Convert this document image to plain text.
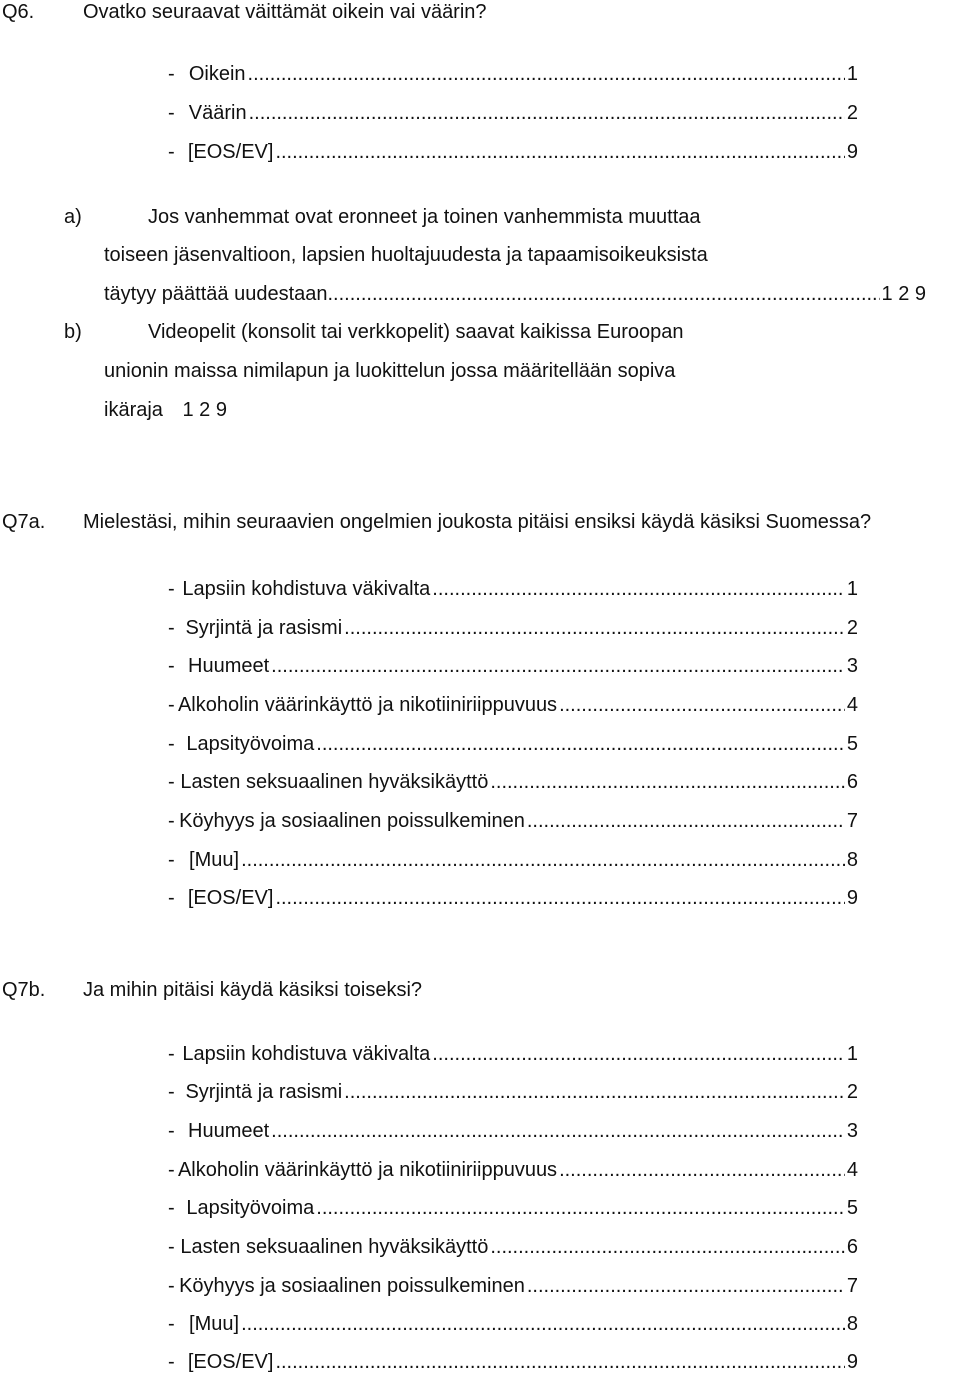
Q6. Ovatko seuraavat väittämät oikein vai väärin?
- Oikein .....	1
- Väärin .....	2
- [EOS/EV] .....	9
a)	Jos vanhemmat ovat eronneet ja toinen vanhemmista muuttaa
toiseen jäsenvaltioon, lapsien huoltajuudesta ja tapaamisoikeuksista
täytyy päättää uudestaan .....	1 2 9
b)	Videopelit (konsolit tai verkkopelit) saavat kaikissa Euroopan
unionin maissa nimilapun ja luokittelun jossa määritellään sopiva
ikäraja 1 2 9
Q7a. Mielestäsi, mihin seuraavien ongelmien joukosta pitäisi ensiksi käydä käsiksi Suomessa?
- Lapsiin kohdistuva väkivalta .....	1
- Syrjintä ja rasismi .....	2
- Huumeet .....	3
- Alkoholin väärinkäyttö ja nikotiiniriippuvuus .....	4
- Lapsityövoima .....	5
- Lasten seksuaalinen hyväksikäyttö .....	6
- Köyhyys ja sosiaalinen poissulkeminen .....	7
- [Muu] .....	8
- [EOS/EV] .....	9
Q7b. Ja mihin pitäisi käydä käsiksi toiseksi?
- Lapsiin kohdistuva väkivalta .....	1
- Syrjintä ja rasismi .....	2
- Huumeet .....	3
- Alkoholin väärinkäyttö ja nikotiiniriippuvuus .....	4
- Lapsityövoima .....	5
- Lasten seksuaalinen hyväksikäyttö .....	6
- Köyhyys ja sosiaalinen poissulkeminen .....	7
- [Muu] .....	8
- [EOS/EV] .....	9
